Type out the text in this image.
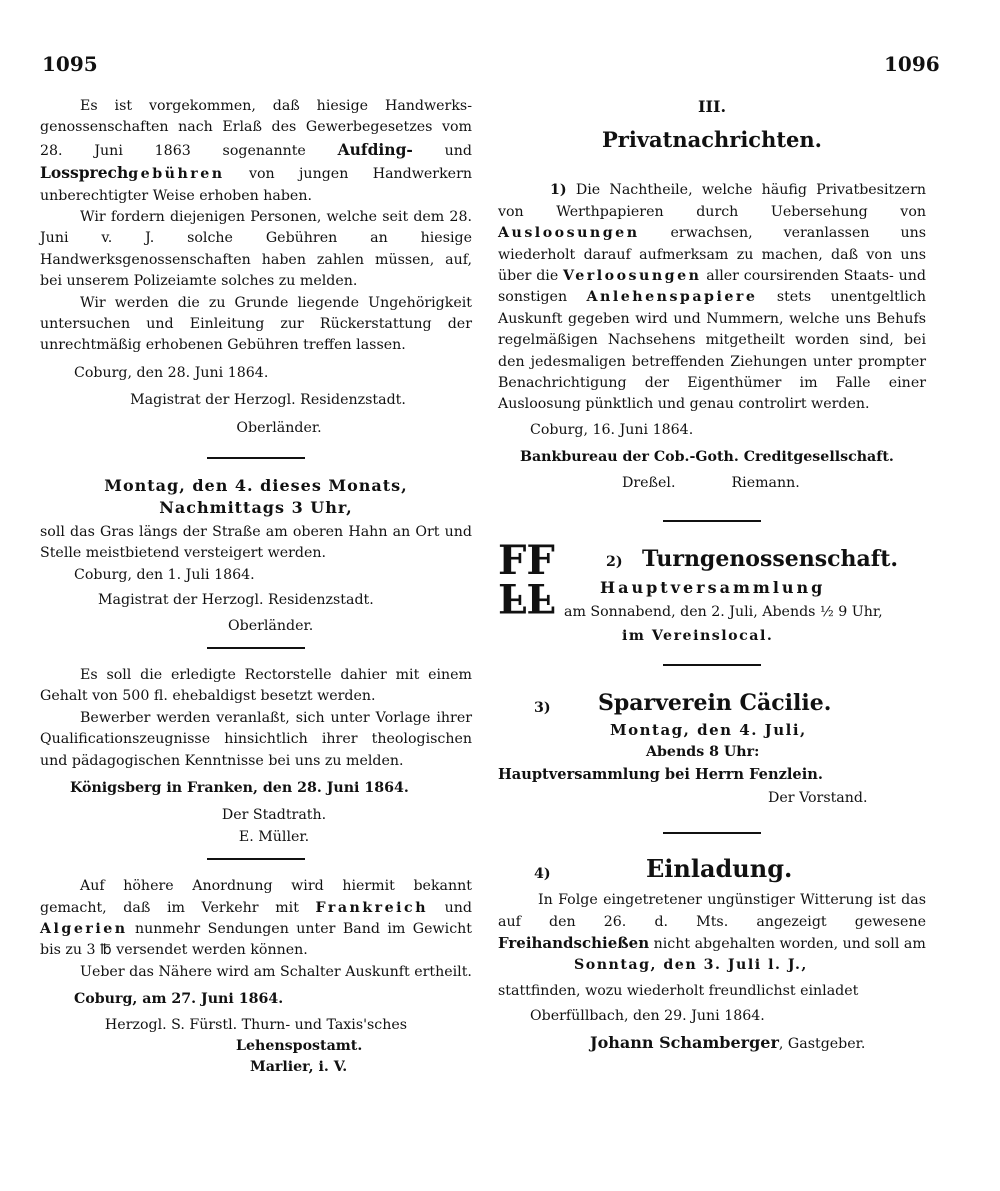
1095	1096

Es ist vorgekommen, daß hiesige Handwerks-genossenschaften nach Erlaß des Gewerbegesetzes vom 28. Juni 1863 sogenannte Aufding- und Lossprechgebühren von jungen Handwerkern unberechtigter Weise erhoben haben.

Wir fordern diejenigen Personen, welche seit dem 28. Juni v. J. solche Gebühren an hiesige Handwerksgenossenschaften haben zahlen müssen, auf, bei unserem Polizeiamte solches zu melden.

Wir werden die zu Grunde liegende Ungehörigkeit untersuchen und Einleitung zur Rückerstattung der unrechtmäßig erhobenen Gebühren treffen lassen.

Coburg, den 28. Juni 1864.

Magistrat der Herzogl. Residenzstadt.

Oberländer.

Montag, den 4. dieses Monats,

Nachmittags 3 Uhr,

soll das Gras längs der Straße am oberen Hahn an Ort und Stelle meistbietend versteigert werden.

Coburg, den 1. Juli 1864.

Magistrat der Herzogl. Residenzstadt.

Oberländer.

Es soll die erledigte Rectorstelle dahier mit einem Gehalt von 500 fl. ehebaldigst besetzt werden.

Bewerber werden veranlaßt, sich unter Vorlage ihrer Qualificationszeugnisse hinsichtlich ihrer theologischen und pädagogischen Kenntnisse bei uns zu melden.

Königsberg in Franken, den 28. Juni 1864.

Der Stadtrath.

E. Müller.

Auf höhere Anordnung wird hiermit bekannt gemacht, daß im Verkehr mit Frankreich und Algerien nunmehr Sendungen unter Band im Gewicht bis zu 3 ℔ versendet werden können.

Ueber das Nähere wird am Schalter Auskunft ertheilt.

Coburg, am 27. Juni 1864.

Herzogl. S. Fürstl. Thurn- und Taxis'sches

Lehenspostamt.

Marlier, i. V.

III.

Privatnachrichten.

1) Die Nachtheile, welche häufig Privatbesitzern von Werthpapieren durch Uebersehung von Ausloosungen erwachsen, veranlassen uns wiederholt darauf aufmerksam zu machen, daß von uns über die Verloosungen aller coursirenden Staats- und sonstigen Anlehenspapiere stets unentgeltlich Auskunft gegeben wird und Nummern, welche uns Behufs regelmäßigen Nachsehens mitgetheilt worden sind, bei den jedesmaligen betreffenden Ziehungen unter prompter Benachrichtigung der Eigenthümer im Falle einer Ausloosung pünktlich und genau controlirt werden.

Coburg, 16. Juni 1864.

Bankbureau der Cob.-Goth. Creditgesellschaft.

Dreßel.	Riemann.

FF
FF
2) Turngenossenschaft.
Hauptversammlung
am Sonnabend, den 2. Juli, Abends ½ 9 Uhr,
im Vereinslocal.
3) Sparverein Cäcilie.
Montag, den 4. Juli,
Abends 8 Uhr:
Hauptversammlung bei Herrn Fenzlein.
Der Vorstand.
4)	Einladung.

In Folge eingetretener ungünstiger Witterung ist das auf den 26. d. Mts. angezeigt gewesene Freihandschießen nicht abgehalten worden, und soll am

Sonntag, den 3. Juli l. J.,

stattfinden, wozu wiederholt freundlichst einladet

Oberfüllbach, den 29. Juni 1864.

Johann Schamberger, Gastgeber.
